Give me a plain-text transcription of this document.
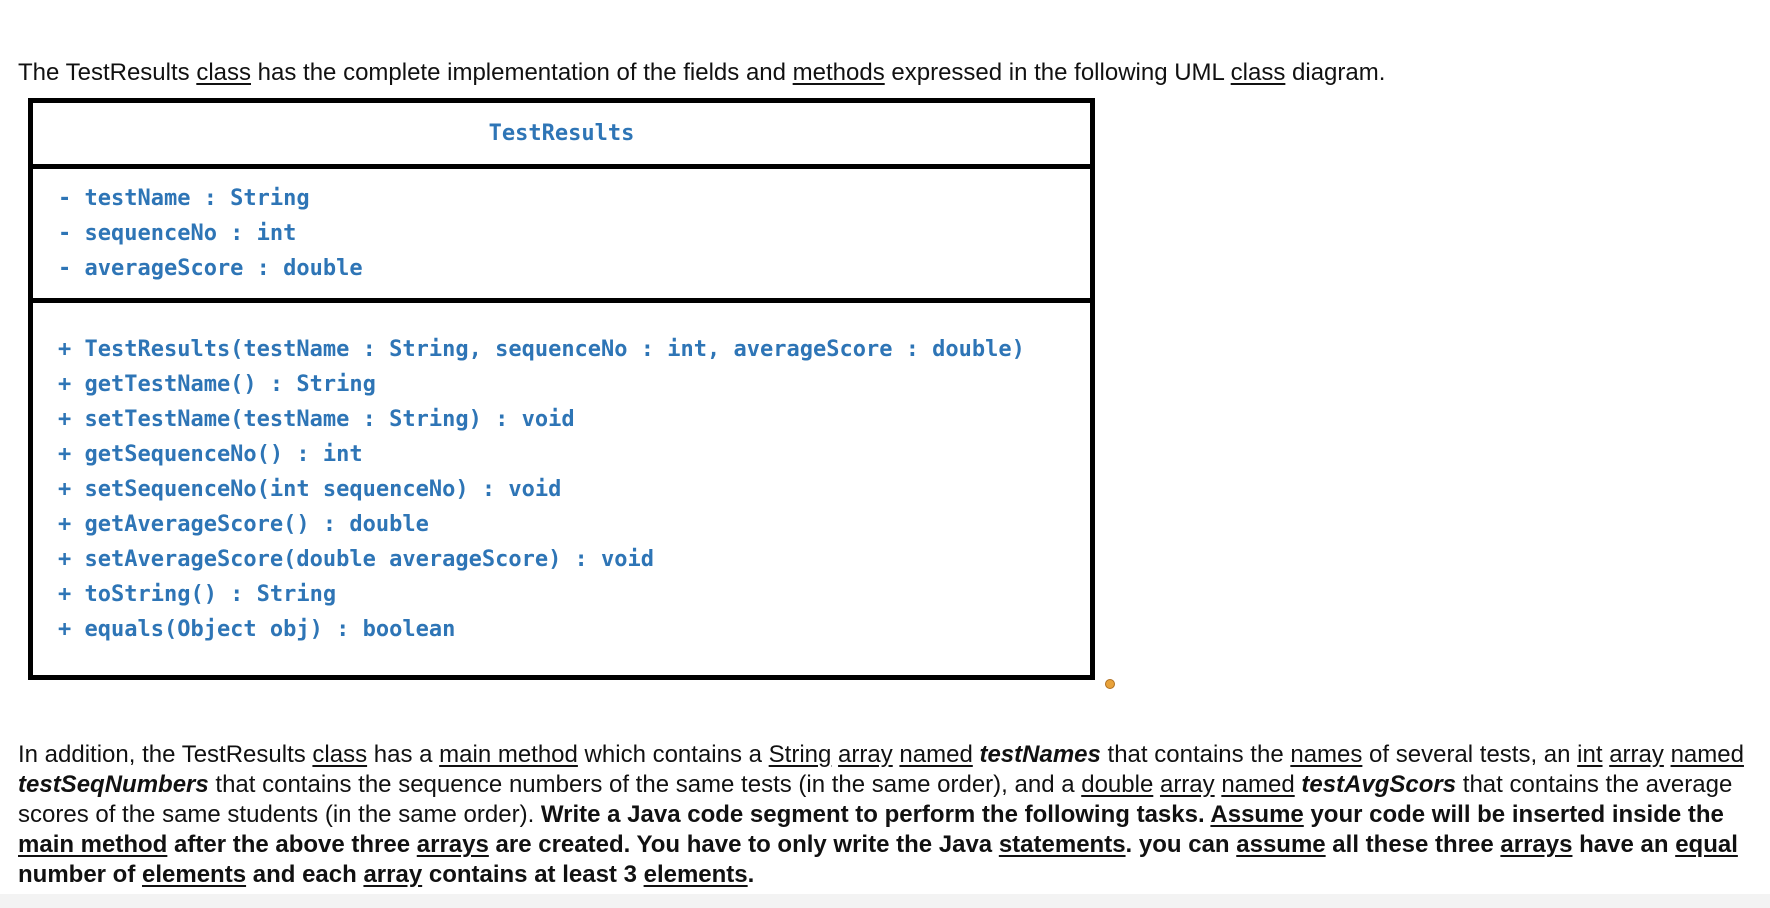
The TestResults class has the complete implementation of the fields and methods expressed in the following UML class diagram.

TestResults
- testName : String
- sequenceNo : int
- averageScore : double
+ TestResults(testName : String, sequenceNo : int, averageScore : double)
+ getTestName() : String
+ setTestName(testName : String) : void
+ getSequenceNo() : int
+ setSequenceNo(int sequenceNo) : void
+ getAverageScore() : double
+ setAverageScore(double averageScore) : void
+ toString() : String
+ equals(Object obj) : boolean

In addition, the TestResults class has a main method which contains a String array named testNames that contains the names of several tests, an int array named testSeqNumbers that contains the sequence numbers of the same tests (in the same order), and a double array named testAvgScors that contains the average scores of the same students (in the same order). Write a Java code segment to perform the following tasks. Assume your code will be inserted inside the main method after the above three arrays are created. You have to only write the Java statements. you can assume all these three arrays have an equal number of elements and each array contains at least 3 elements.
